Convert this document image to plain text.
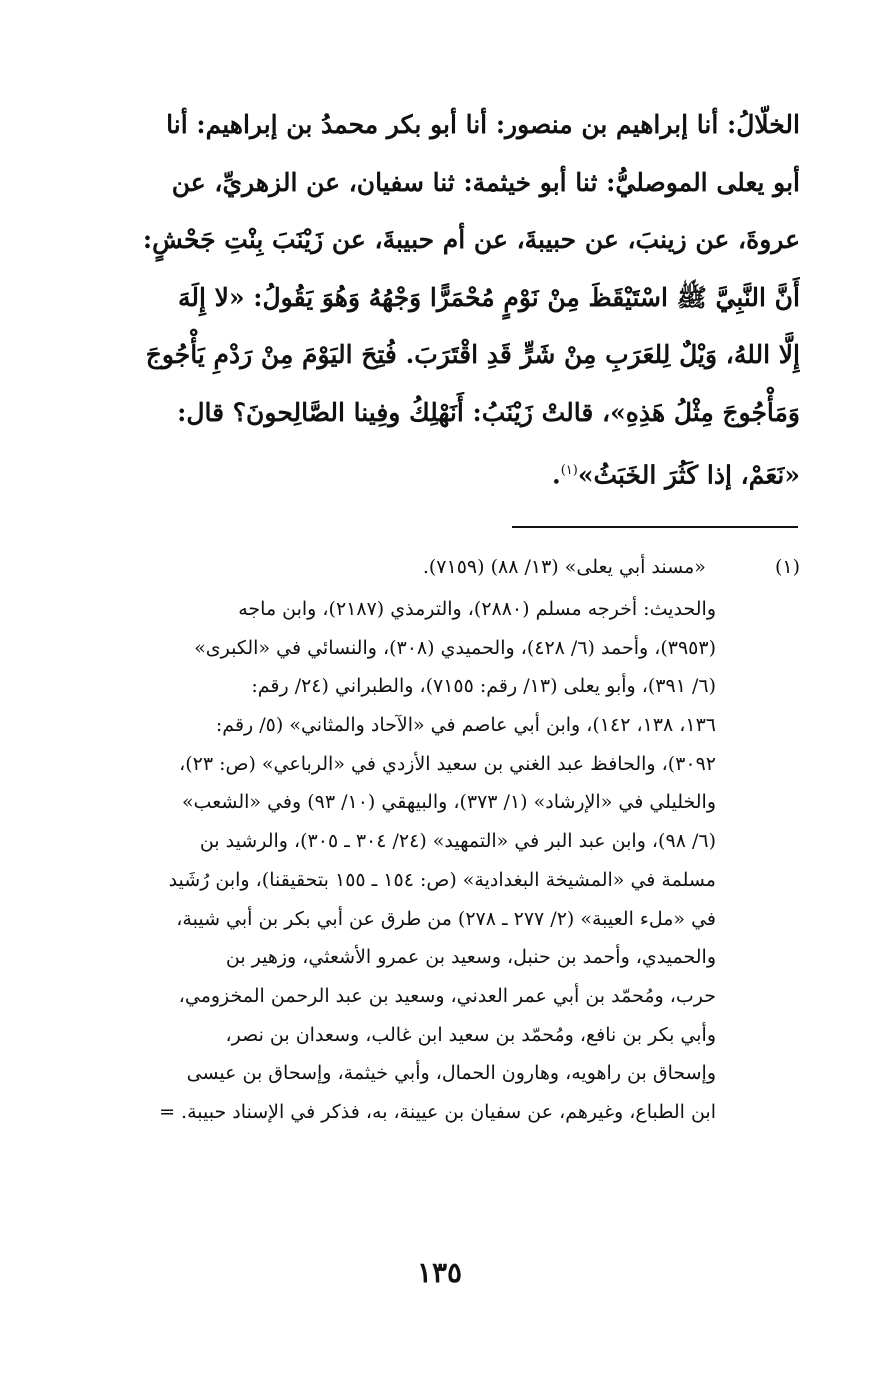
الخلّالُ: أنا إبراهيم بن منصور: أنا أبو بكر محمدُ بن إبراهيم: أنا
أبو يعلى الموصليُّ: ثنا أبو خيثمة: ثنا سفيان، عن الزهريِّ، عن
عروةَ، عن زينبَ، عن حبيبةَ، عن أم حبيبةَ، عن زَيْنَبَ بِنْتِ جَحْشٍ:
أَنَّ النَّبِيَّ ﷺ اسْتَيْقَظَ مِنْ نَوْمٍ مُحْمَرًّا وَجْهُهُ وَهُوَ يَقُولُ: «لا إِلَهَ
إِلَّا اللهُ، وَيْلٌ لِلعَرَبِ مِنْ شَرٍّ قَدِ اقْتَرَبَ. فُتِحَ اليَوْمَ مِنْ رَدْمِ يَأْجُوجَ
وَمَأْجُوجَ مِثْلُ هَذِهِ»، قالتْ زَيْنَبُ: أَنَهْلِكُ وفِينا الصَّالِحونَ؟ قال:
«نَعَمْ، إذا كَثُرَ الخَبَثُ»$^{(١)}$.
(١)  «مسند أبي يعلى» (١٣/ ٨٨) (٧١٥٩).
والحديث: أخرجه مسلم (٢٨٨٠)، والترمذي (٢١٨٧)، وابن ماجه
(٣٩٥٣)، وأحمد (٦/ ٤٢٨)، والحميدي (٣٠٨)، والنسائي في «الكبرى»
(٦/ ٣٩١)، وأبو يعلى (١٣/ رقم: ٧١٥٥)، والطبراني (٢٤/ رقم:
١٣٦، ١٣٨، ١٤٢)، وابن أبي عاصم في «الآحاد والمثاني» (٥/ رقم:
٣٠٩٢)، والحافظ عبد الغني بن سعيد الأزدي في «الرباعي» (ص: ٢٣)،
والخليلي في «الإرشاد» (١/ ٣٧٣)، والبيهقي (١٠/ ٩٣) وفي «الشعب»
(٦/ ٩٨)، وابن عبد البر في «التمهيد» (٢٤/ ٣٠٤ ـ ٣٠٥)، والرشيد بن
مسلمة في «المشيخة البغدادية» (ص: ١٥٤ ـ ١٥٥ بتحقيقنا)، وابن رُشَيد
في «ملء العيبة» (٢/ ٢٧٧ ـ ٢٧٨) من طرق عن أبي بكر بن أبي شيبة،
والحميدي، وأحمد بن حنبل، وسعيد بن عمرو الأشعثي، وزهير بن
حرب، ومُحمّد بن أبي عمر العدني، وسعيد بن عبد الرحمن المخزومي،
وأبي بكر بن نافع، ومُحمّد بن سعيد ابن غالب، وسعدان بن نصر،
وإسحاق بن راهويه، وهارون الحمال، وأبي خيثمة، وإسحاق بن عيسى
ابن الطباع، وغيرهم، عن سفيان بن عيينة، به، فذكر في الإسناد حبيبة. =
١٣٥
